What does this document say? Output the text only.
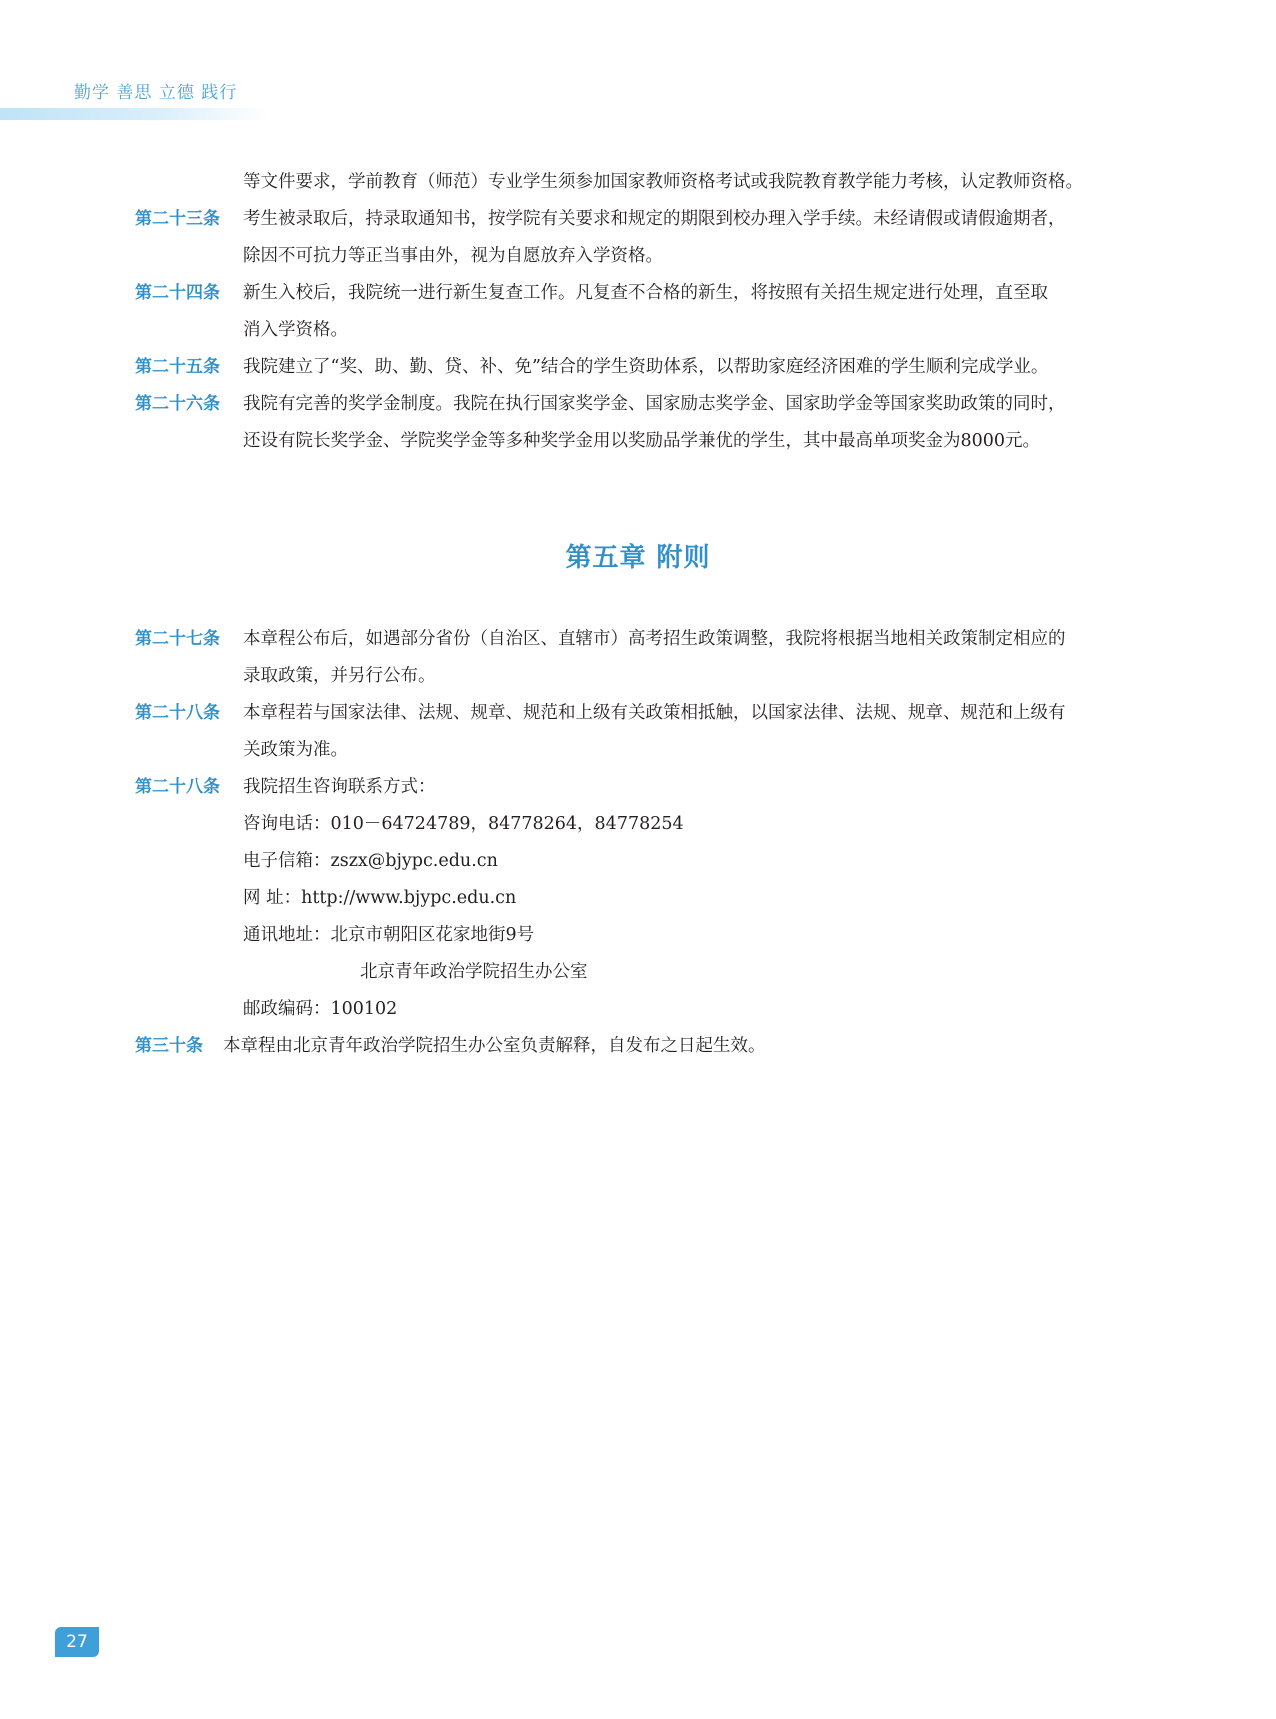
勤学 善思 立德 践行
等文件要求，学前教育（师范）专业学生须参加国家教师资格考试或我院教育教学能力考核，认定教师资格。
第二十三条 考生被录取后，持录取通知书，按学院有关要求和规定的期限到校办理入学手续。未经请假或请假逾期者，
除因不可抗力等正当事由外，视为自愿放弃入学资格。
第二十四条 新生入校后，我院统一进行新生复查工作。凡复查不合格的新生，将按照有关招生规定进行处理，直至取
消入学资格。
第二十五条 我院建立了“奖、助、勤、贷、补、免”结合的学生资助体系，以帮助家庭经济困难的学生顺利完成学业。
第二十六条 我院有完善的奖学金制度。我院在执行国家奖学金、国家励志奖学金、国家助学金等国家奖助政策的同时，
还设有院长奖学金、学院奖学金等多种奖学金用以奖励品学兼优的学生，其中最高单项奖金为8000元。
第五章 附则
第二十七条 本章程公布后，如遇部分省份（自治区、直辖市）高考招生政策调整，我院将根据当地相关政策制定相应的
录取政策，并另行公布。
第二十八条 本章程若与国家法律、法规、规章、规范和上级有关政策相抵触，以国家法律、法规、规章、规范和上级有
关政策为准。
第二十八条 我院招生咨询联系方式：
咨询电话：010－64724789，84778264，84778254
电子信箱：zszx@bjypc.edu.cn
网 址：http://www.bjypc.edu.cn
通讯地址：北京市朝阳区花家地街9号
北京青年政治学院招生办公室
邮政编码：100102
第三十条 本章程由北京青年政治学院招生办公室负责解释，自发布之日起生效。
27
